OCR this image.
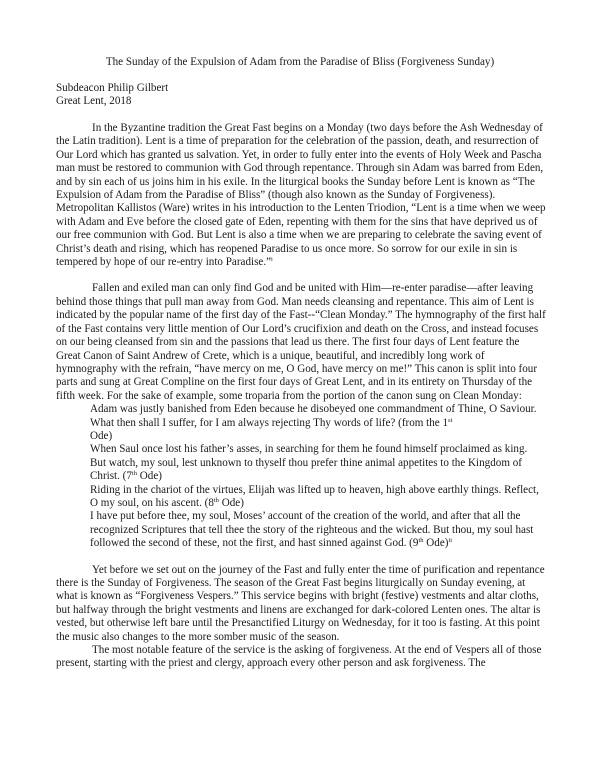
The Sunday of the Expulsion of Adam from the Paradise of Bliss (Forgiveness Sunday)
Subdeacon Philip Gilbert
Great Lent, 2018

In the Byzantine tradition the Great Fast begins on a Monday (two days before the Ash Wednesday of the Latin tradition). Lent is a time of preparation for the celebration of the passion, death, and resurrection of Our Lord which has granted us salvation. Yet, in order to fully enter into the events of Holy Week and Pascha man must be restored to communion with God through repentance. Through sin Adam was barred from Eden, and by sin each of us joins him in his exile. In the liturgical books the Sunday before Lent is known as “The Expulsion of Adam from the Paradise of Bliss” (though also known as the Sunday of Forgiveness). Metropolitan Kallistos (Ware) writes in his introduction to the Lenten Triodion, “Lent is a time when we weep with Adam and Eve before the closed gate of Eden, repenting with them for the sins that have deprived us of our free communion with God. But Lent is also a time when we are preparing to celebrate the saving event of Christ’s death and rising, which has reopened Paradise to us once more. So sorrow for our exile in sin is tempered by hope of our re-entry into Paradise.”$^i$

Fallen and exiled man can only find God and be united with Him—re-enter paradise—after leaving behind those things that pull man away from God. Man needs cleansing and repentance. This aim of Lent is indicated by the popular name of the first day of the Fast--“Clean Monday.” The hymnography of the first half of the Fast contains very little mention of Our Lord’s crucifixion and death on the Cross, and instead focuses on our being cleansed from sin and the passions that lead us there. The first four days of Lent feature the Great Canon of Saint Andrew of Crete, which is a unique, beautiful, and incredibly long work of hymnography with the refrain, “have mercy on me, O God, have mercy on me!” This canon is split into four parts and sung at Great Compline on the first four days of Great Lent, and in its entirety on Thursday of the fifth week. For the sake of example, some troparia from the portion of the canon sung on Clean Monday:

Adam was justly banished from Eden because he disobeyed one commandment of Thine, O Saviour. What then shall I suffer, for I am always rejecting Thy words of life? (from the 1st
Ode)
When Saul once lost his father’s asses, in searching for them he found himself proclaimed as king. But watch, my soul, lest unknown to thyself thou prefer thine animal appetites to the Kingdom of Christ. (7th Ode)
Riding in the chariot of the virtues, Elijah was lifted up to heaven, high above earthly things. Reflect, O my soul, on his ascent. (8th Ode)
I have put before thee, my soul, Moses’ account of the creation of the world, and after that all the recognized Scriptures that tell thee the story of the righteous and the wicked. But thou, my soul hast followed the second of these, not the first, and hast sinned against God. (9th Ode)$^{ii}$

Yet before we set out on the journey of the Fast and fully enter the time of purification and repentance there is the Sunday of Forgiveness. The season of the Great Fast begins liturgically on Sunday evening, at what is known as “Forgiveness Vespers.” This service begins with bright (festive) vestments and altar cloths, but halfway through the bright vestments and linens are exchanged for dark-colored Lenten ones. The altar is vested, but otherwise left bare until the Presanctified Liturgy on Wednesday, for it too is fasting. At this point the music also changes to the more somber music of the season.

The most notable feature of the service is the asking of forgiveness. At the end of Vespers all of those present, starting with the priest and clergy, approach every other person and ask forgiveness. The
